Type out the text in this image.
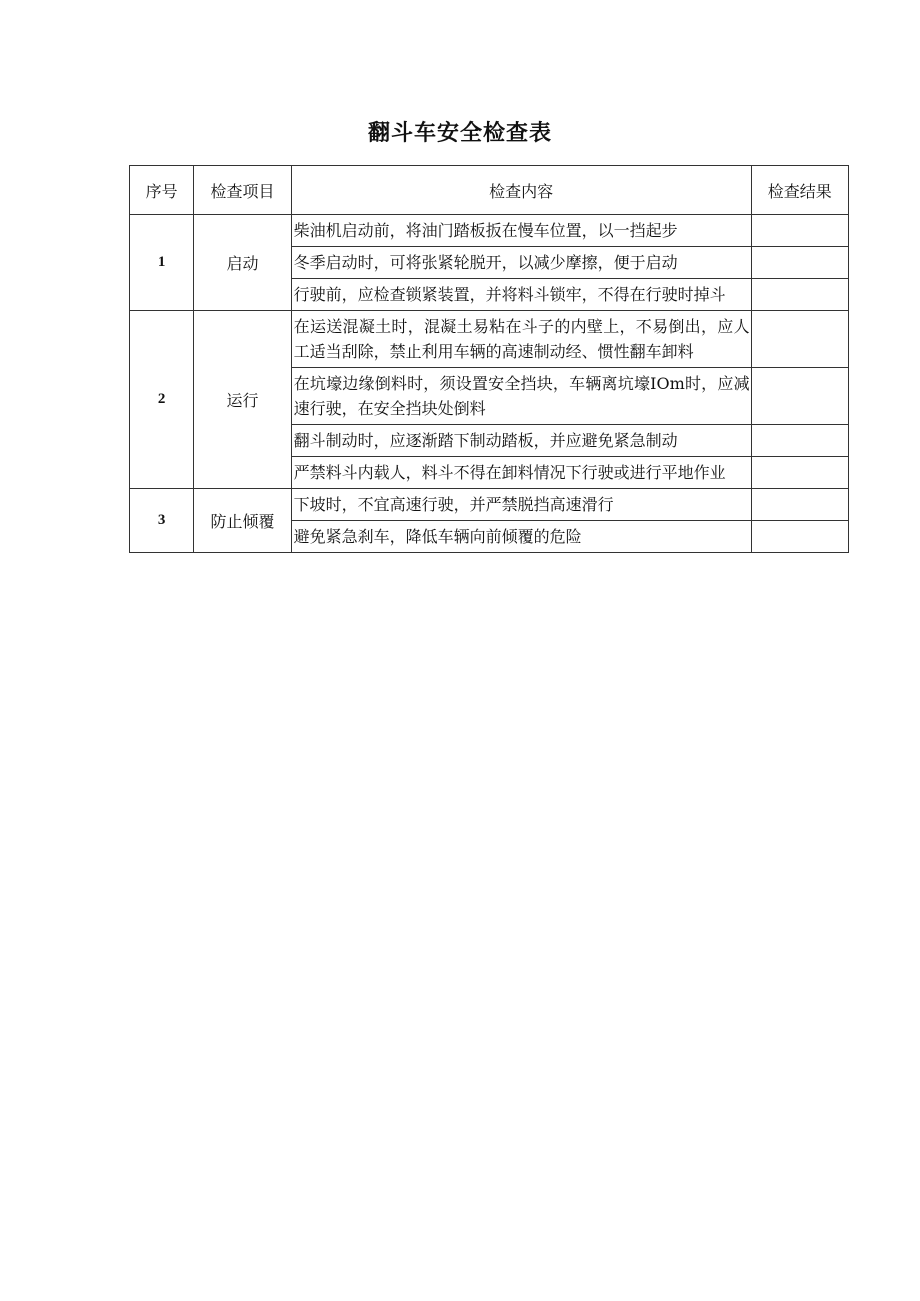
翻斗车安全检查表
序号	检查项目	检查内容	检查结果
1	启动	柴油机启动前，将油门踏板扳在慢车位置，以一挡起步	
		冬季启动时，可将张紧轮脱开，以减少摩擦，便于启动	
		行驶前，应检查锁紧装置，并将料斗锁牢，不得在行驶时掉斗	
2	运行	在运送混凝土时，混凝土易粘在斗子的内壁上，不易倒出，应人工适当刮除，禁止利用车辆的高速制动经、惯性翻车卸料	
		在坑壕边缘倒料时，须设置安全挡块，车辆离坑壕IOm时，应减速行驶，在安全挡块处倒料	
		翻斗制动时，应逐渐踏下制动踏板，并应避免紧急制动	
		严禁料斗内载人，料斗不得在卸料情况下行驶或进行平地作业	
3	防止倾覆	下坡时，不宜高速行驶，并严禁脱挡高速滑行	
		避免紧急刹车，降低车辆向前倾覆的危险	
